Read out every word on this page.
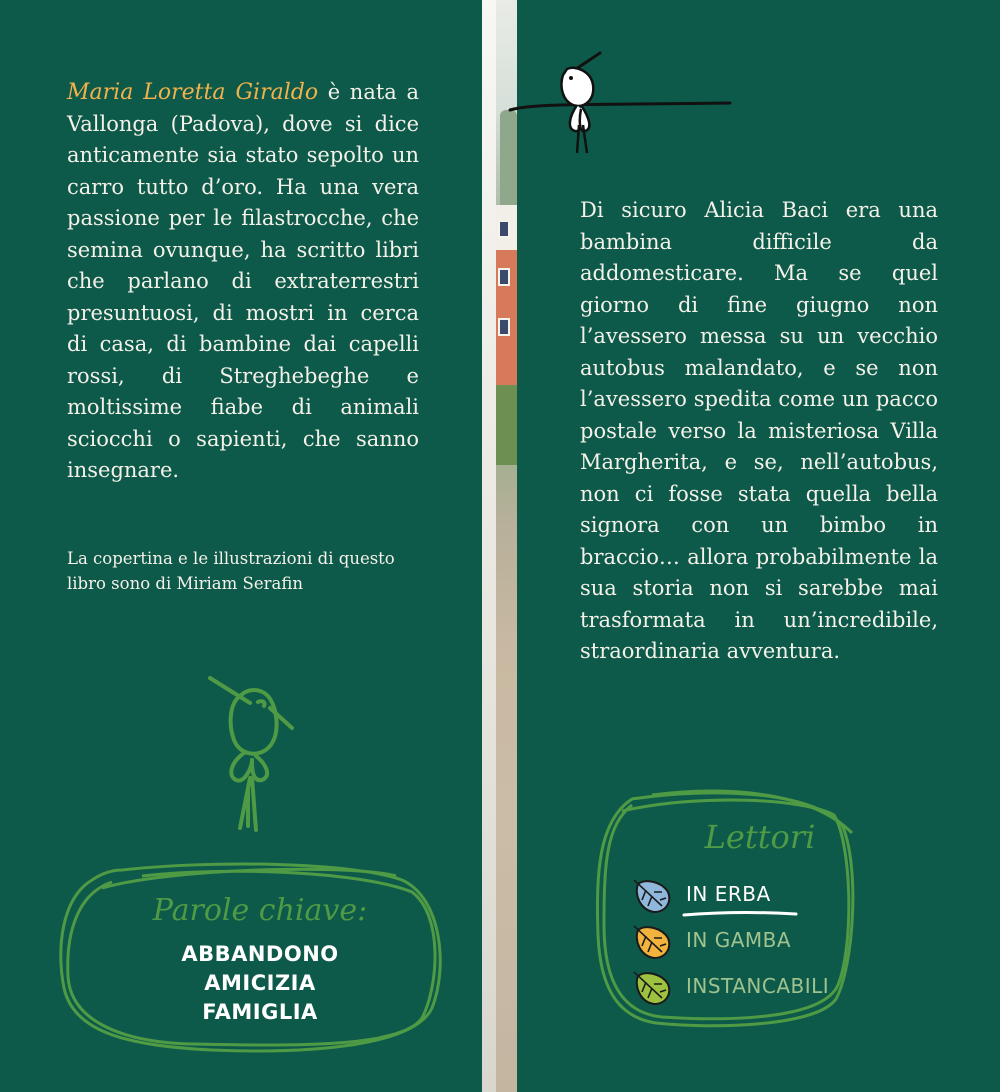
Maria Loretta Giraldo è nata a Vallonga (Padova), dove si dice anticamente sia stato sepolto un carro tutto d’oro. Ha una vera passione per le filastrocche, che semina ovunque, ha scritto libri che parlano di extraterrestri presuntuosi, di mostri in cerca di casa, di bambine dai capelli rossi, di Streghebeghe e moltissime fiabe di animali sciocchi o sapienti, che sanno insegnare.

La copertina e le illustrazioni di questo libro sono di Miriam Serafin

Parole chiave:
ABBANDONO
AMICIZIA
FAMIGLIA

Di sicuro Alicia Baci era una bambina difficile da addomesticare. Ma se quel giorno di fine giugno non l’avessero messa su un vecchio autobus malandato, e se non l’avessero spedita come un pacco postale verso la misteriosa Villa Margherita, e se, nell’autobus, non ci fosse stata quella bella signora con un bimbo in braccio… allora probabilmente la sua storia non si sarebbe mai trasformata in un’incredibile, straordinaria avventura.

Lettori
IN ERBA
IN GAMBA
INSTANCABILI
